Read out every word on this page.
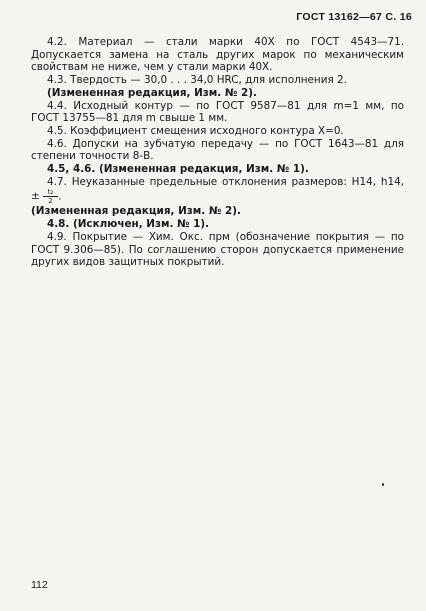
ГОСТ 13162—67 С. 16

4.2. Материал — стали марки 40Х по ГОСТ 4543—71.

Допускается замена на сталь других марок по механическим

свойствам не ниже, чем у стали марки 40Х.

4.3. Твердость — 30,0 . . . 34,0 HRC, для исполнения 2.

(Измененная редакция, Изм. № 2).

4.4. Исходный контур — по ГОСТ 9587—81 для m=1 мм, по

ГОСТ 13755—81 для m свыше 1 мм.

4.5. Коэффициент смещения исходного контура X=0.

4.6. Допуски на зубчатую передачу — по ГОСТ 1643—81 для

степени точности 8-В.

4.5, 4.6. (Измененная редакция, Изм. № 1).

4.7. Неуказанные предельные отклонения размеров: Н14, h14,

± $\frac{\text{t₂}}{2}$ .

(Измененная редакция, Изм. № 2).

4.8. (Исключен, Изм. № 1).

4.9. Покрытие — Хим. Окс. прм (обозначение покрытия — по

ГОСТ 9.306—85). По соглашению сторон допускается применение

других видов защитных покрытий.

112
